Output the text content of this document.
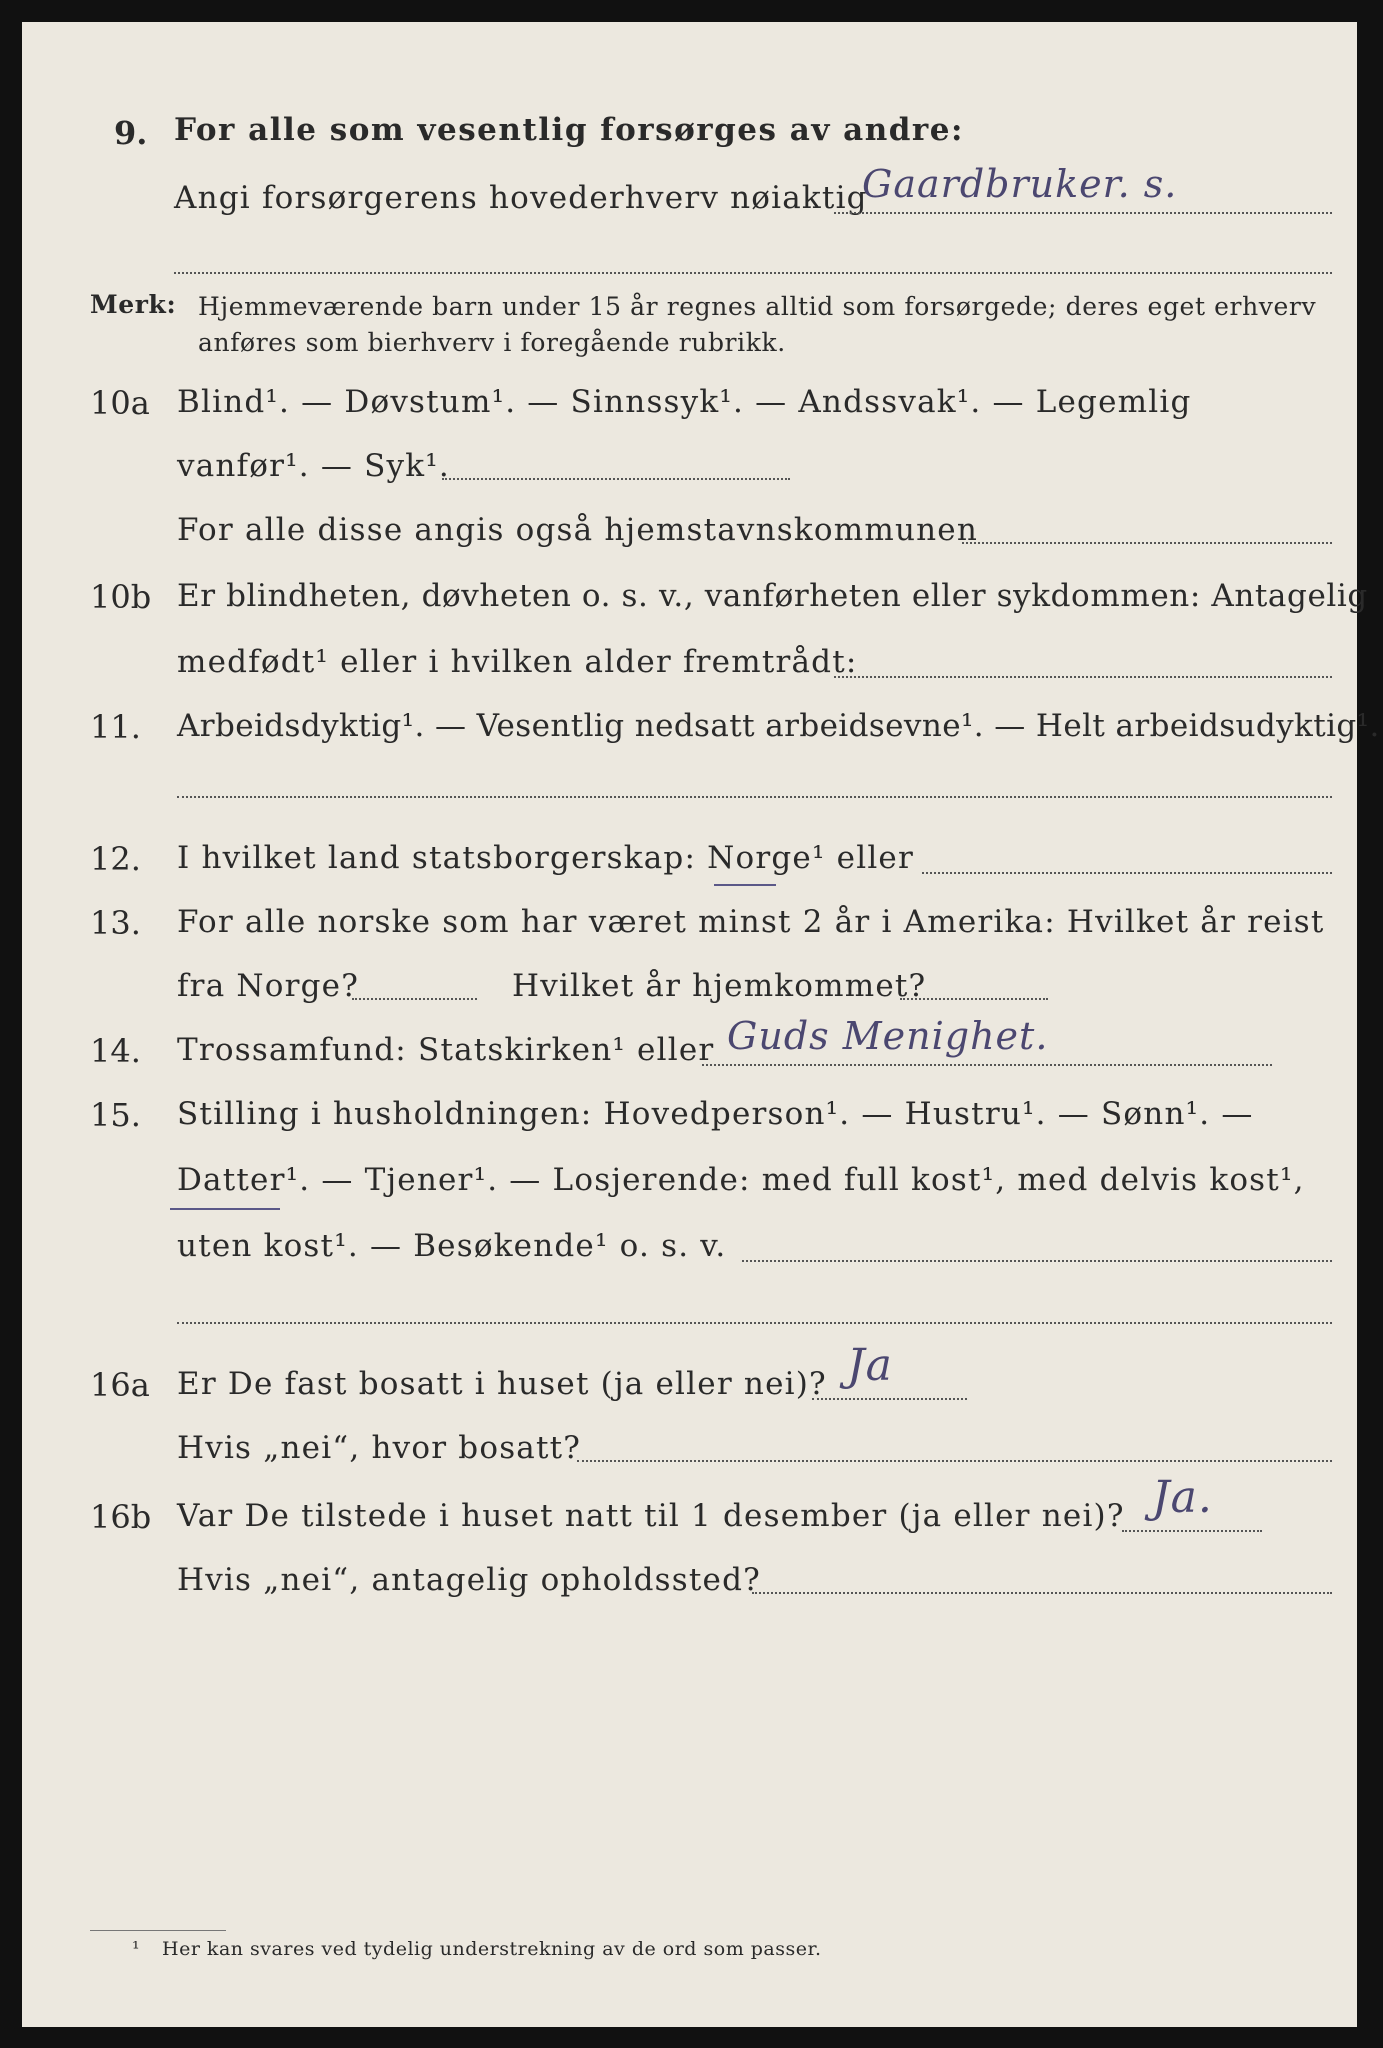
9. For alle som vesentlig forsørges av andre:
Angi forsørgerens hovederhverv nøiaktig
Gaardbruker. s.
Merk: Hjemmeværende barn under 15 år regnes alltid som forsørgede; deres eget erhverv
anføres som bierhverv i foregående rubrikk.
10a Blind¹. — Døvstum¹. — Sinnssyk¹. — Andssvak¹. — Legemlig
vanfør¹. — Syk¹.
For alle disse angis også hjemstavnskommunen
10b Er blindheten, døvheten o. s. v., vanførheten eller sykdommen: Antagelig
medfødt¹ eller i hvilken alder fremtrådt:
11. Arbeidsdyktig¹. — Vesentlig nedsatt arbeidsevne¹. — Helt arbeidsudyktig¹.
12. I hvilket land statsborgerskap: Norge¹ eller
13. For alle norske som har været minst 2 år i Amerika: Hvilket år reist
fra Norge?	Hvilket år hjemkommet?
14. Trossamfund: Statskirken¹ eller Guds Menighet.
15. Stilling i husholdningen: Hovedperson¹. — Hustru¹. — Sønn¹. —
Datter¹. — Tjener¹. — Losjerende: med full kost¹, med delvis kost¹,
uten kost¹. — Besøkende¹ o. s. v.
16a Er De fast bosatt i huset (ja eller nei)? Ja
Hvis „nei“, hvor bosatt?
16b Var De tilstede i huset natt til 1 desember (ja eller nei)? Ja.
Hvis „nei“, antagelig opholdssted?
¹ Her kan svares ved tydelig understrekning av de ord som passer.
